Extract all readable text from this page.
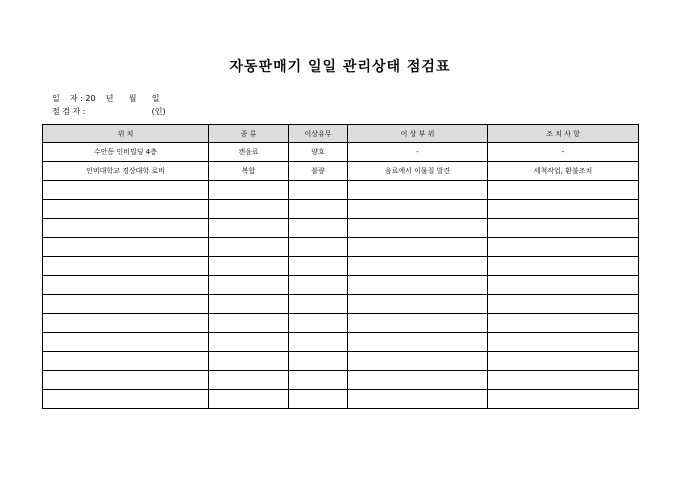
자동판매기 일일 관리상태 점검표
일    자 : 20    년      월      일
점 검 자 :                          (인)
위 치	종 류	이상유무	이 상 부 위	조 치 사 항
수안동 인비빌딩 4층	캔음료	양호	-	-
인비대학교 경상대학 로비	복합	불량	음료에서 이물질 발견	세척작업, 환불조치
